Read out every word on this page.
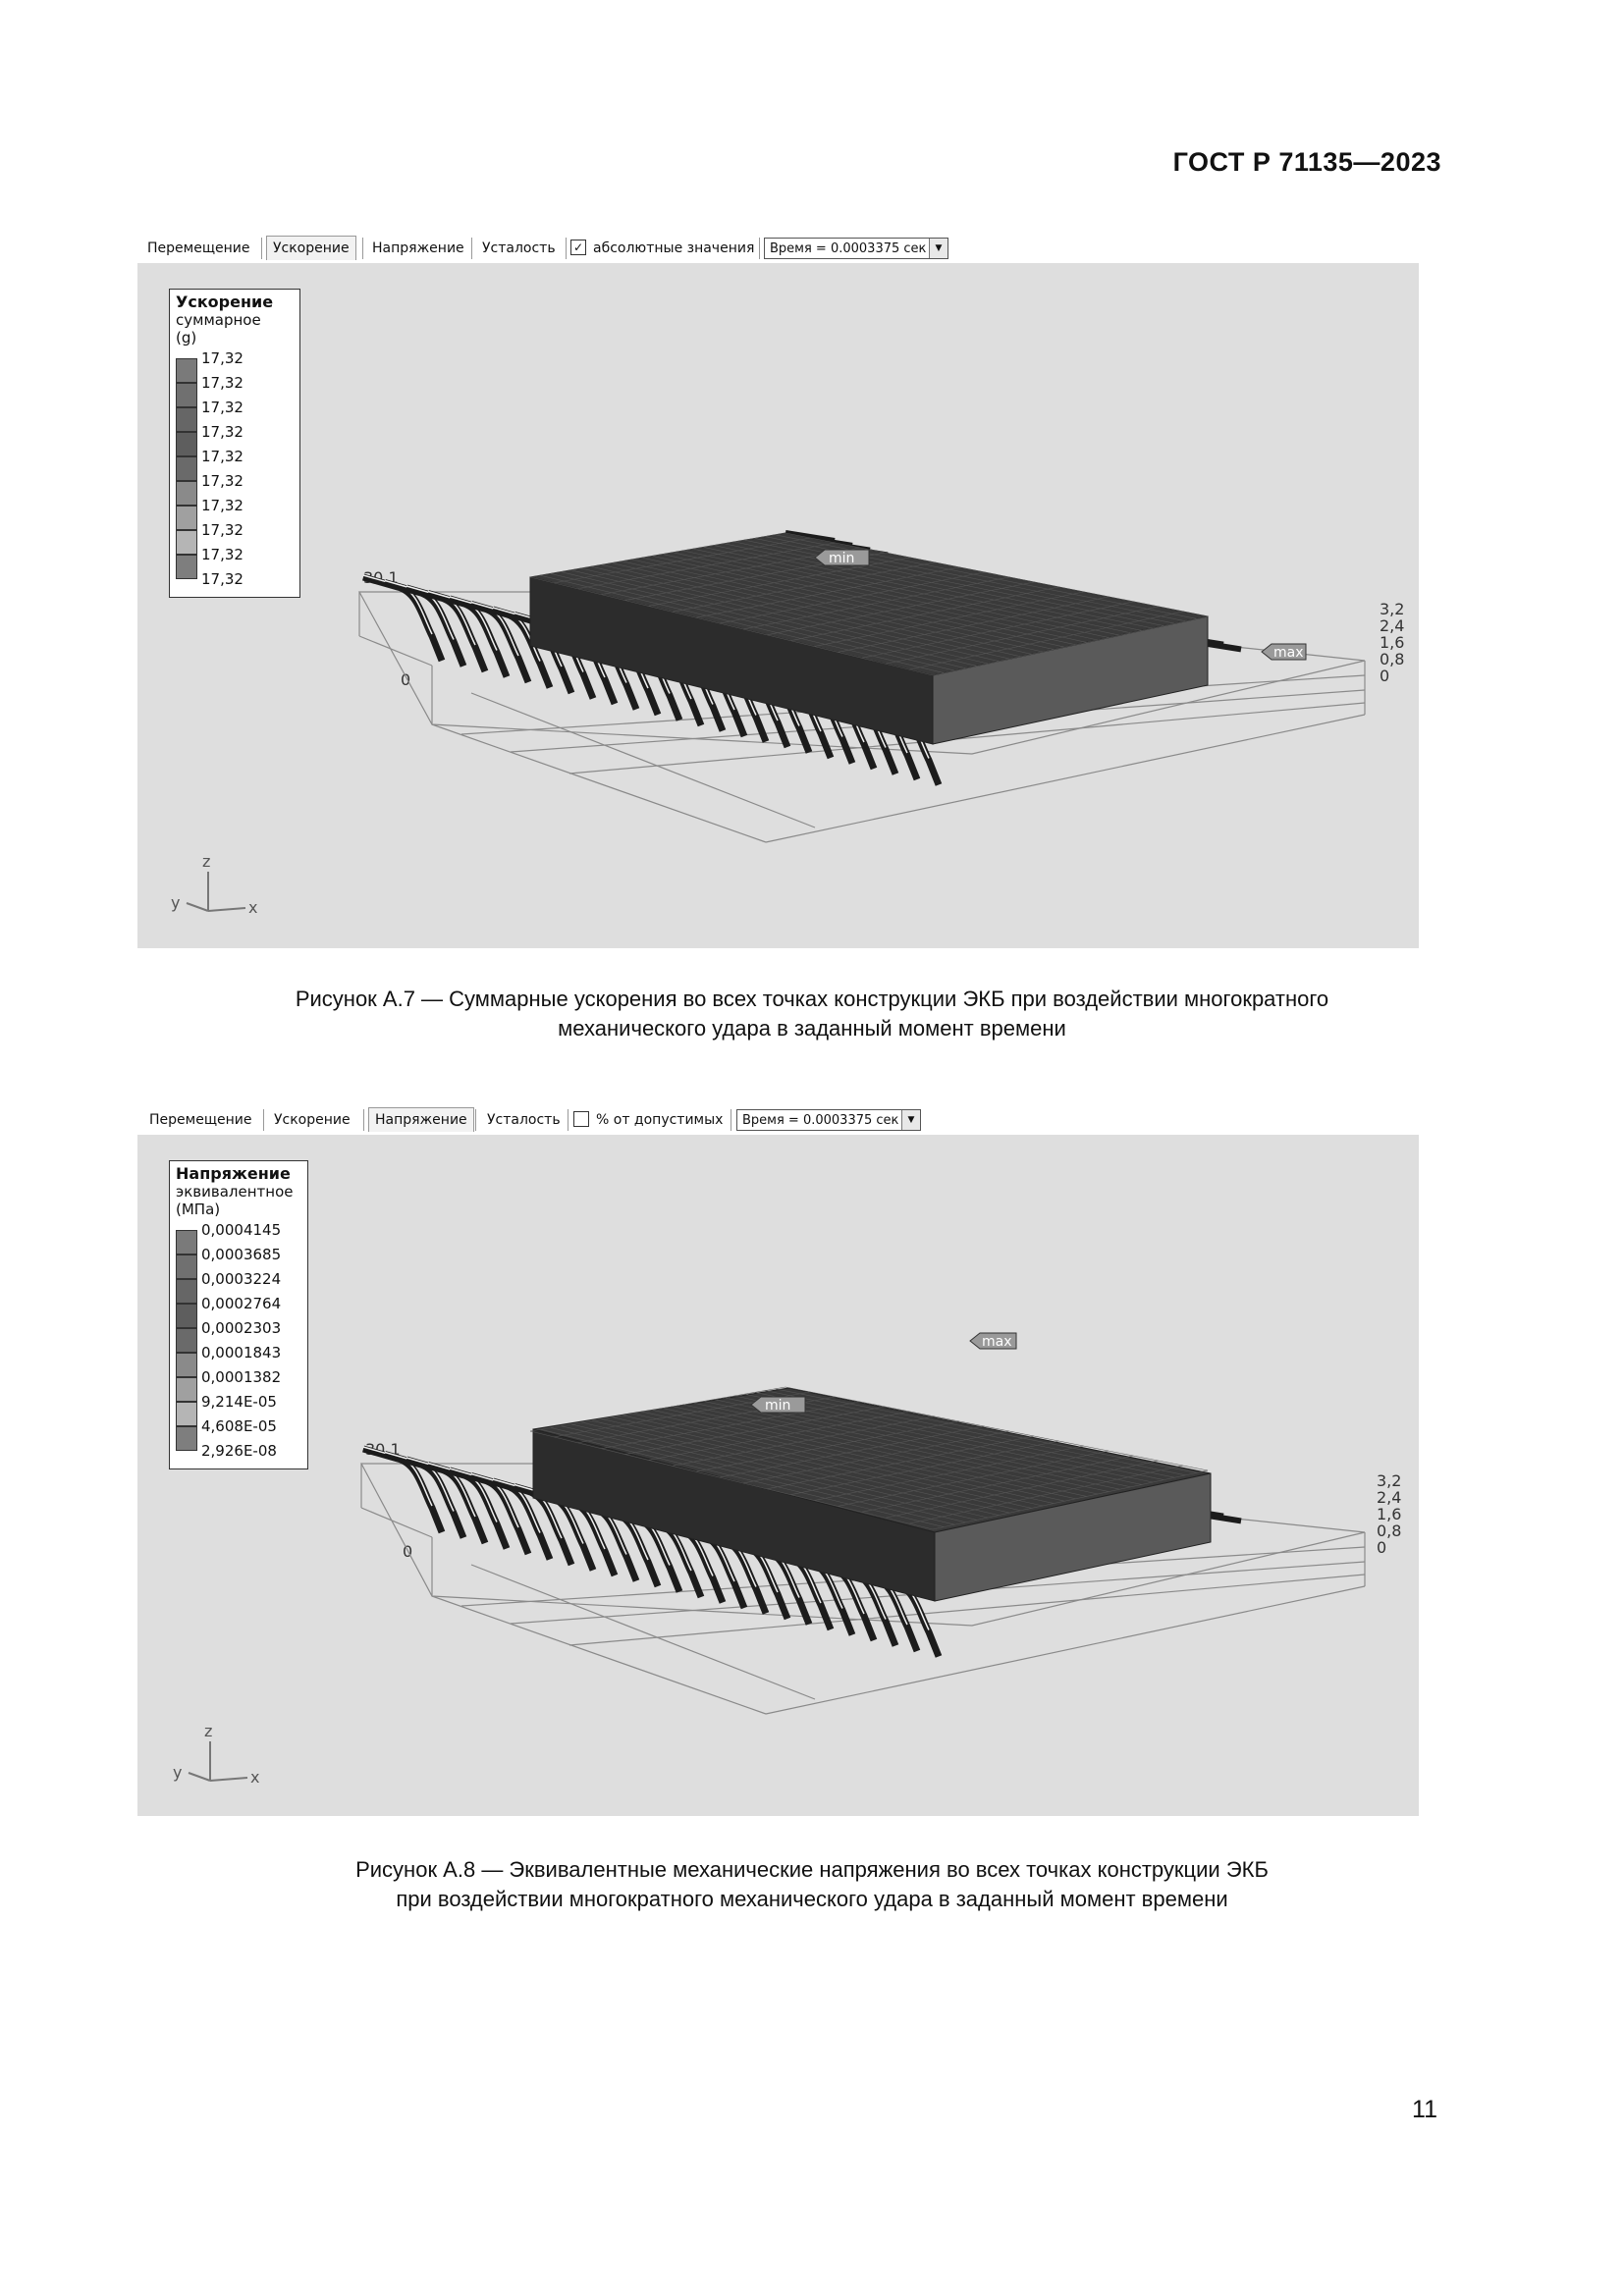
ГОСТ Р 71135—2023
Перемещение	Ускорение	Напряжение	Усталость	✓ абсолютные значения	Время = 0.0003375 сек	▼
3,2
2,4
1,6
0,8
0
30,1
0
min
max
z
y	x
Ускорение
суммарное
(g)
17,32
17,32
17,32
17,32
17,32
17,32
17,32
17,32
17,32
17,32
Рисунок А.7 — Суммарные ускорения во всех точках конструкции ЭКБ при воздействии многократного
механического удара в заданный момент времени
Перемещение	Ускорение	Напряжение	Усталость	% от допустимых	Время = 0.0003375 сек	▼
3,2
2,4
1,6
0,8
0
30,1
0
max
min
z
y	x
Напряжение
эквивалентное
(МПа)
0,0004145
0,0003685
0,0003224
0,0002764
0,0002303
0,0001843
0,0001382
9,214E-05
4,608E-05
2,926E-08
Рисунок А.8 — Эквивалентные механические напряжения во всех точках конструкции ЭКБ
при воздействии многократного механического удара в заданный момент времени
11
